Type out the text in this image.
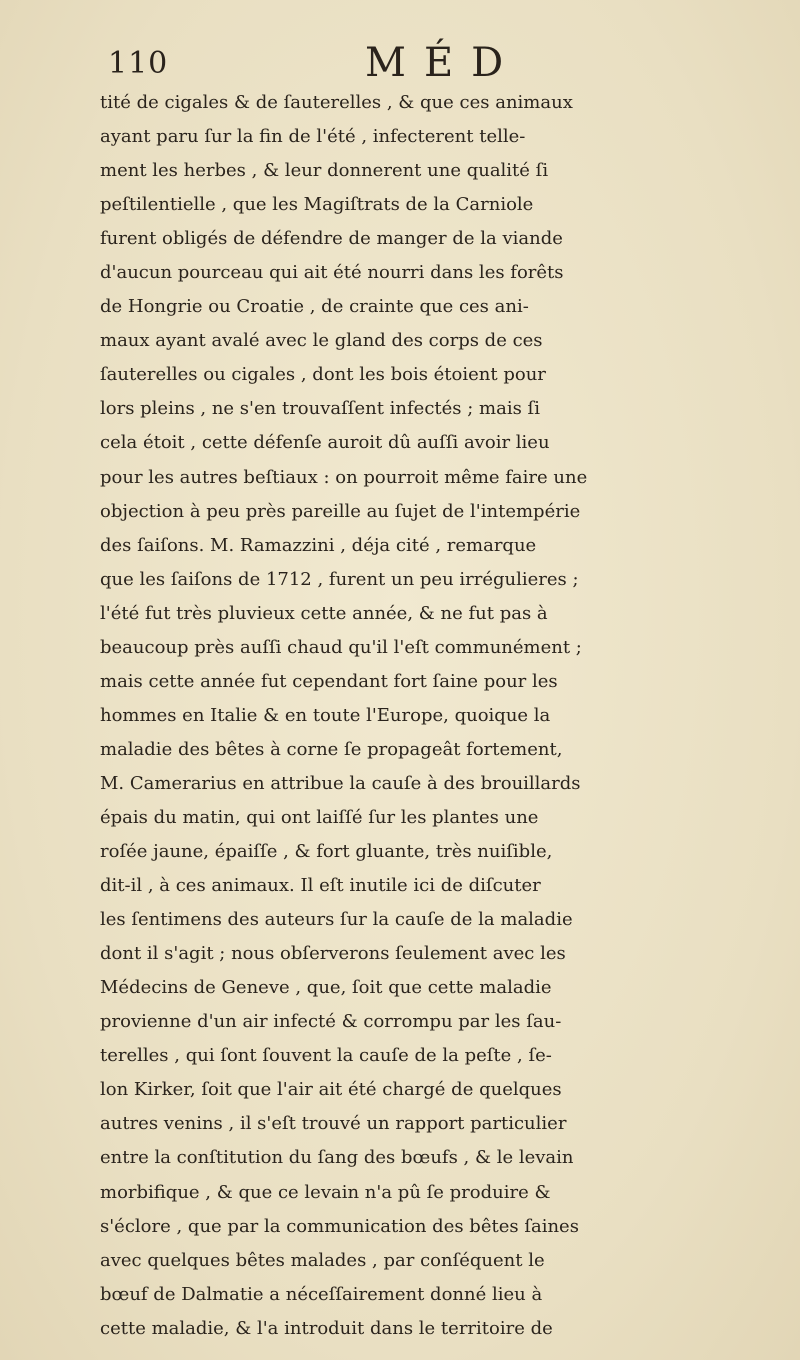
110	MÉD
tité de cigales & de ſauterelles , & que ces animaux
ayant paru ſur la fin de l'été , infecterent telle-
ment les herbes , & leur donnerent une qualité ſi
peſtilentielle , que les Magiſtrats de la Carniole
furent obligés de défendre de manger de la viande
d'aucun pourceau qui ait été nourri dans les forêts
de Hongrie ou Croatie , de crainte que ces ani-
maux ayant avalé avec le gland des corps de ces
ſauterelles ou cigales , dont les bois étoient pour
lors pleins , ne s'en trouvaſſent infectés ; mais ſi
cela étoit , cette défenſe auroit dû auſſi avoir lieu
pour les autres beſtiaux : on pourroit même faire une
objection à peu près pareille au ſujet de l'intempérie
des ſaiſons. M. Ramazzini , déja cité , remarque
que les ſaiſons de 1712 , furent un peu irrégulieres ;
l'été fut très pluvieux cette année, & ne fut pas à
beaucoup près auſſi chaud qu'il l'eſt communément ;
mais cette année fut cependant fort ſaine pour les
hommes en Italie & en toute l'Europe, quoique la
maladie des bêtes à corne ſe propageât fortement,
M. Camerarius en attribue la cauſe à des brouillards
épais du matin, qui ont laiſſé ſur les plantes une
roſée jaune, épaiſſe , & fort gluante, très nuiſible,
dit-il , à ces animaux. Il eſt inutile ici de diſcuter
les ſentimens des auteurs ſur la cauſe de la maladie
dont il s'agit ; nous obſerverons ſeulement avec les
Médecins de Geneve , que, ſoit que cette maladie
provienne d'un air infecté & corrompu par les ſau-
terelles , qui ſont ſouvent la cauſe de la peſte , ſe-
lon Kirker, ſoit que l'air ait été chargé de quelques
autres venins , il s'eſt trouvé un rapport particulier
entre la conſtitution du ſang des bœufs , & le levain
morbifique , & que ce levain n'a pû ſe produire &
s'éclore , que par la communication des bêtes ſaines
avec quelques bêtes malades , par conſéquent le
bœuf de Dalmatie a néceſſairement donné lieu à
cette maladie, & l'a introduit dans le territoire de
